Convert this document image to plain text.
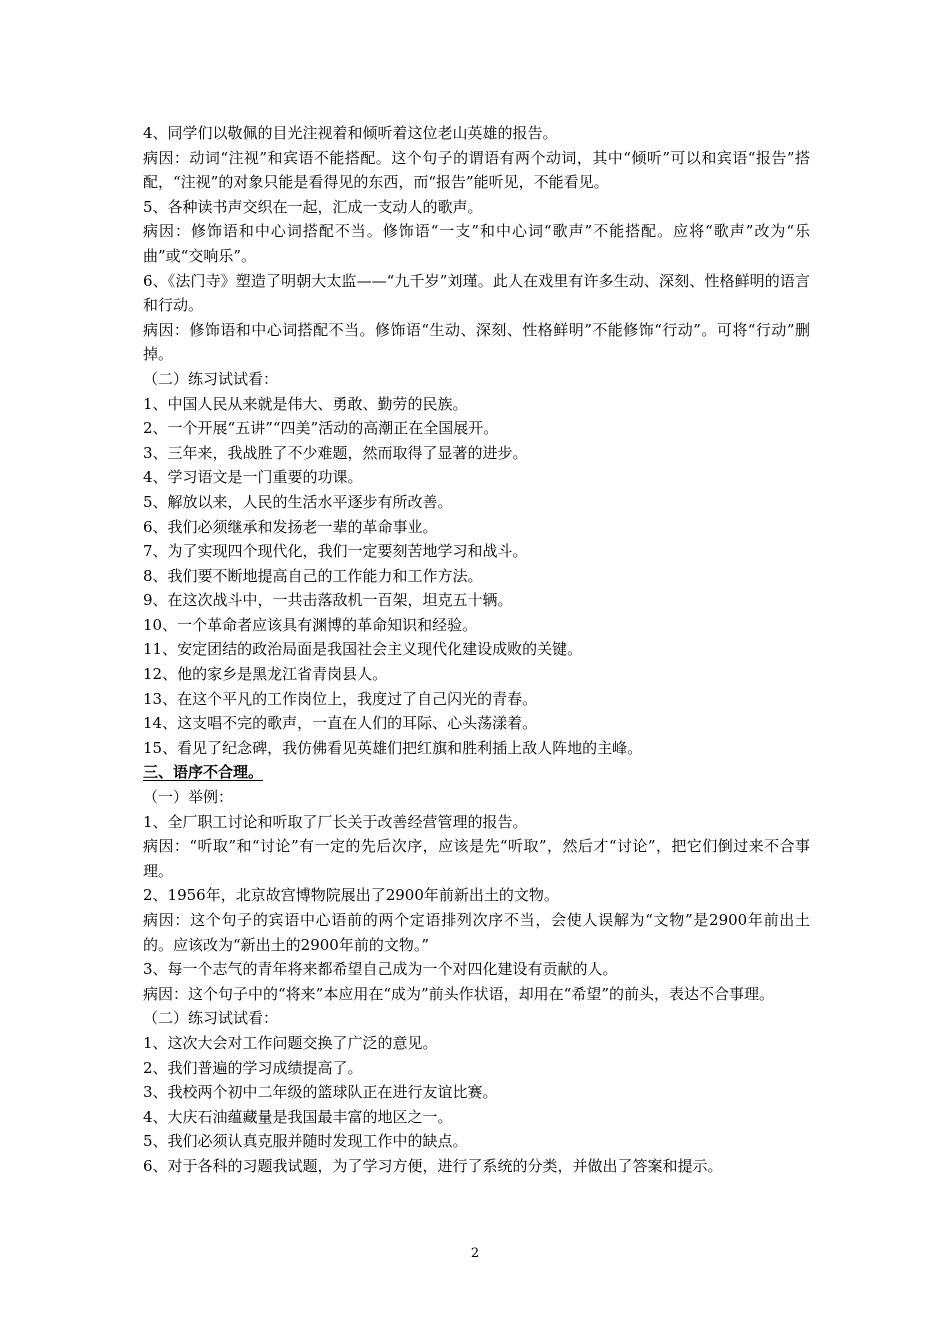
4、同学们以敬佩的目光注视着和倾听着这位老山英雄的报告。
病因：动词“注视”和宾语不能搭配。这个句子的谓语有两个动词，其中“倾听”可以和宾语“报告”搭配，“注视”的对象只能是看得见的东西，而“报告”能听见，不能看见。
5、各种读书声交织在一起，汇成一支动人的歌声。
病因：修饰语和中心词搭配不当。修饰语“一支”和中心词“歌声”不能搭配。应将“歌声”改为“乐曲”或“交响乐”。
6、《法门寺》塑造了明朝大太监——“九千岁”刘瑾。此人在戏里有许多生动、深刻、性格鲜明的语言和行动。
病因：修饰语和中心词搭配不当。修饰语“生动、深刻、性格鲜明”不能修饰“行动”。可将“行动”删掉。
（二）练习试试看：
1、中国人民从来就是伟大、勇敢、勤劳的民族。
2、一个开展“五讲”“四美”活动的高潮正在全国展开。
3、三年来，我战胜了不少难题，然而取得了显著的进步。
4、学习语文是一门重要的功课。
5、解放以来，人民的生活水平逐步有所改善。
6、我们必须继承和发扬老一辈的革命事业。
7、为了实现四个现代化，我们一定要刻苦地学习和战斗。
8、我们要不断地提高自己的工作能力和工作方法。
9、在这次战斗中，一共击落敌机一百架，坦克五十辆。
10、一个革命者应该具有渊博的革命知识和经验。
11、安定团结的政治局面是我国社会主义现代化建设成败的关键。
12、他的家乡是黑龙江省青岗县人。
13、在这个平凡的工作岗位上，我度过了自己闪光的青春。
14、这支唱不完的歌声，一直在人们的耳际、心头荡漾着。
15、看见了纪念碑，我仿佛看见英雄们把红旗和胜利插上敌人阵地的主峰。
三、语序不合理。
（一）举例：
1、全厂职工讨论和听取了厂长关于改善经营管理的报告。
病因：“听取”和“讨论”有一定的先后次序，应该是先“听取”，然后才“讨论”，把它们倒过来不合事理。
2、1956年，北京故宫博物院展出了2900年前新出土的文物。
病因：这个句子的宾语中心语前的两个定语排列次序不当，会使人误解为“文物”是2900年前出土的。应该改为“新出土的2900年前的文物。”
3、每一个志气的青年将来都希望自己成为一个对四化建设有贡献的人。
病因：这个句子中的“将来”本应用在“成为”前头作状语，却用在“希望”的前头，表达不合事理。
（二）练习试试看：
1、这次大会对工作问题交换了广泛的意见。
2、我们普遍的学习成绩提高了。
3、我校两个初中二年级的篮球队正在进行友谊比赛。
4、大庆石油蕴藏量是我国最丰富的地区之一。
5、我们必须认真克服并随时发现工作中的缺点。
6、对于各科的习题我试题，为了学习方便，进行了系统的分类，并做出了答案和提示。
2
